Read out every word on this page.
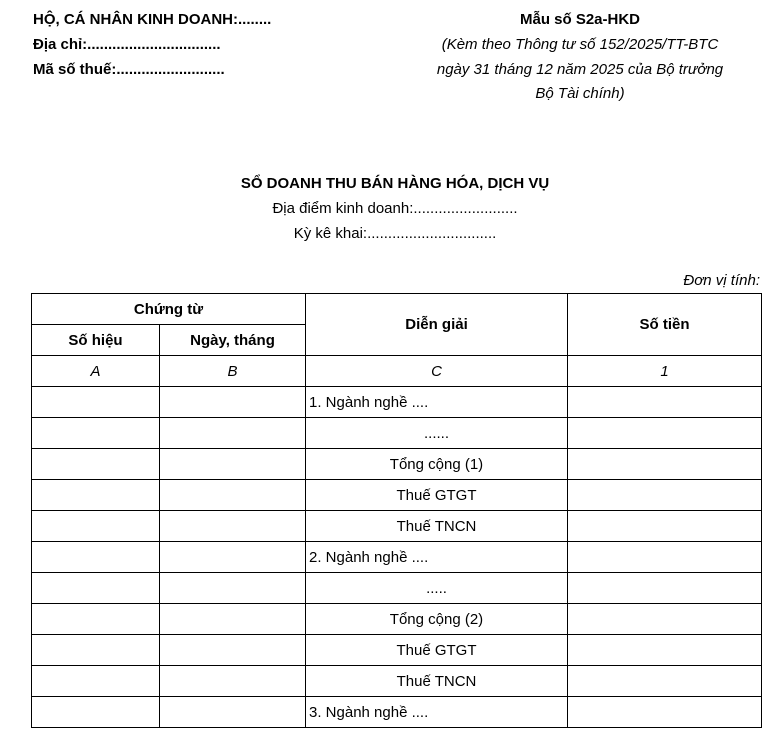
HỘ, CÁ NHÂN KINH DOANH:........
Địa chỉ:................................
Mã số thuế:..........................
Mẫu số S2a-HKD
(Kèm theo Thông tư số 152/2025/TT-BTC
ngày 31 tháng 12 năm 2025 của Bộ trưởng
Bộ Tài chính)
SỔ DOANH THU BÁN HÀNG HÓA, DỊCH VỤ
Địa điểm kinh doanh:.........................
Kỳ kê khai:...............................
Đơn vị tính:
Chứng từ		Diễn giải	Số tiền
Số hiệu	Ngày, tháng		
A	B	C	1
		1. Ngành nghề ....	
		......	
		Tổng cộng (1)	
		Thuế GTGT	
		Thuế TNCN	
		2. Ngành nghề ....	
		.....	
		Tổng cộng (2)	
		Thuế GTGT	
		Thuế TNCN	
		3. Ngành nghề ....	
